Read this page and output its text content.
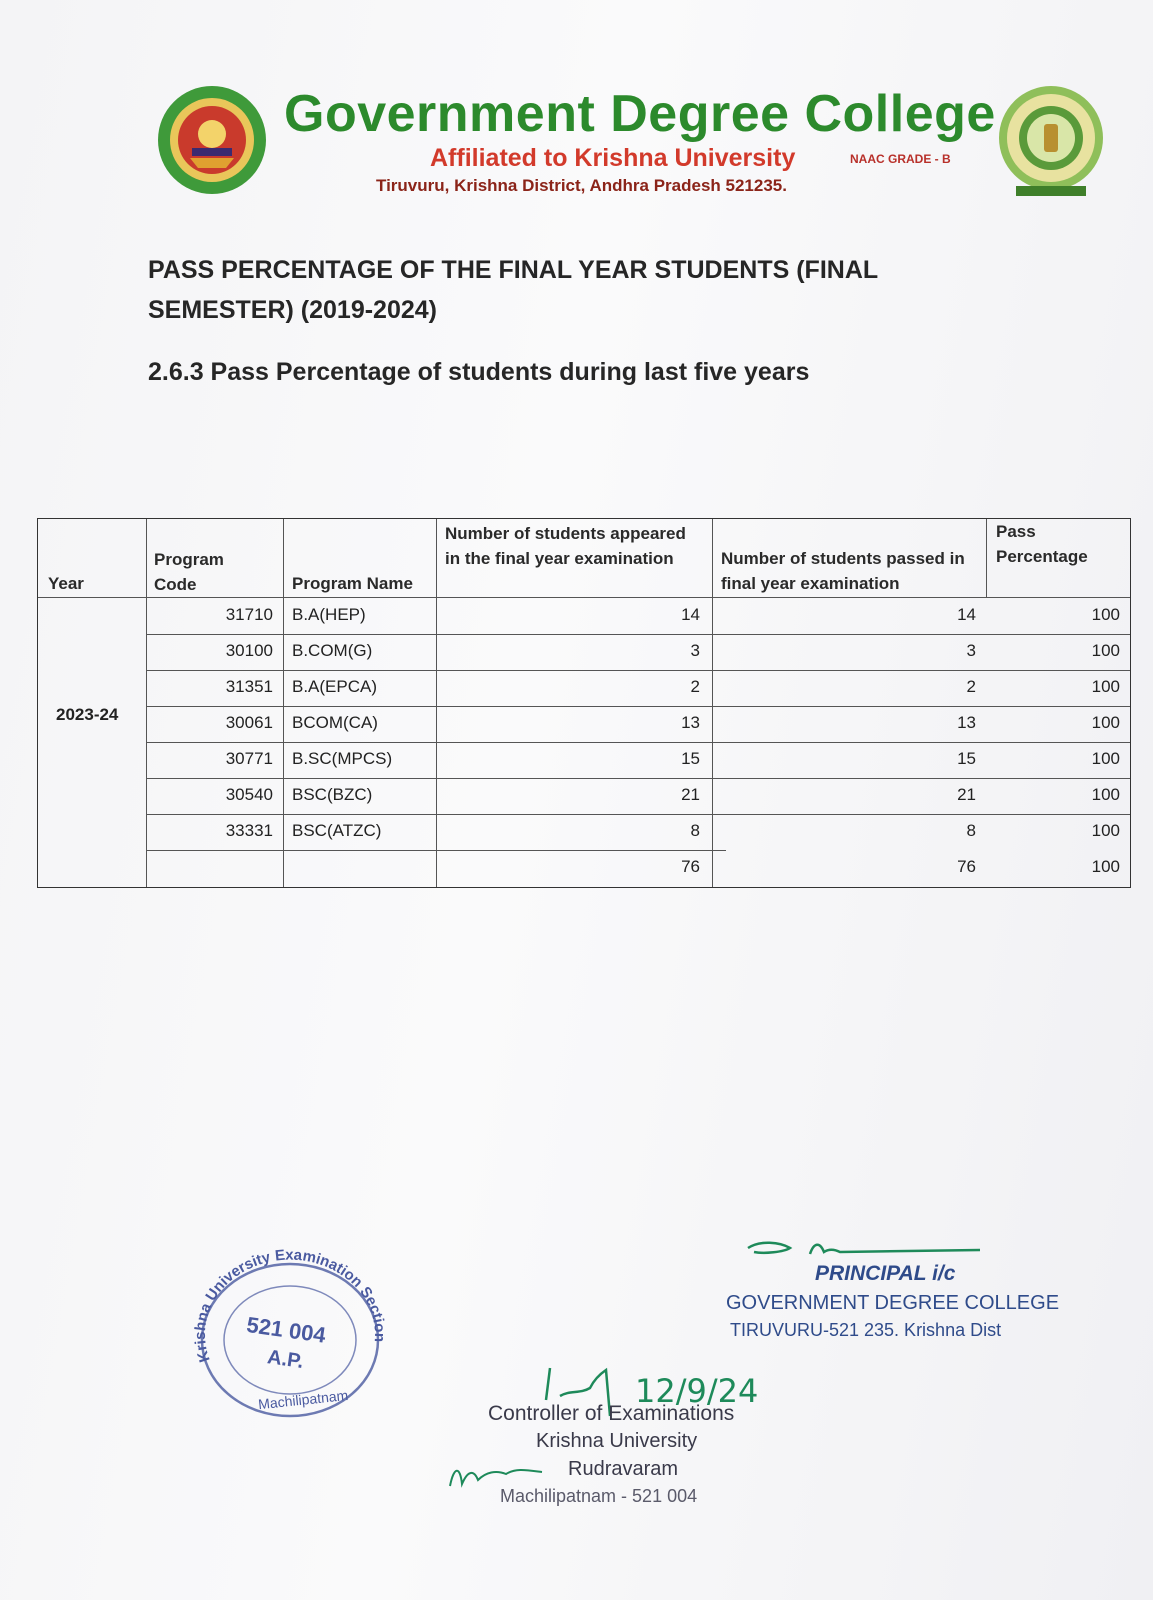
Government Degree College
Affiliated to Krishna University	NAAC GRADE - B
Tiruvuru, Krishna District, Andhra Pradesh 521235.
PASS PERCENTAGE OF THE FINAL YEAR STUDENTS (FINAL SEMESTER) (2019-2024)
2.6.3 Pass Percentage of students during last five years
Year
Program Code	Program Name
Number of students appeared in the final year examination	Number of students passed in final year examination
Pass Percentage
2023-24
31710 B.A(HEP)	14	14	100
30100 B.COM(G)	3	3	100
31351 B.A(EPCA)	2	2	100
30061 BCOM(CA)	13	13	100
30771 B.SC(MPCS)	15	15	100
30540 BSC(BZC)	21	21	100
33331 BSC(ATZC)	8	8	100
76	76	100
Krishna University Examination Section
Machilipatnam
521 004
A.P.
PRINCIPAL i/c
GOVERNMENT DEGREE COLLEGE
TIRUVURU-521 235. Krishna Dist
12/9/24
Controller of Examinations
Krishna University
Rudravaram
Machilipatnam - 521 004
